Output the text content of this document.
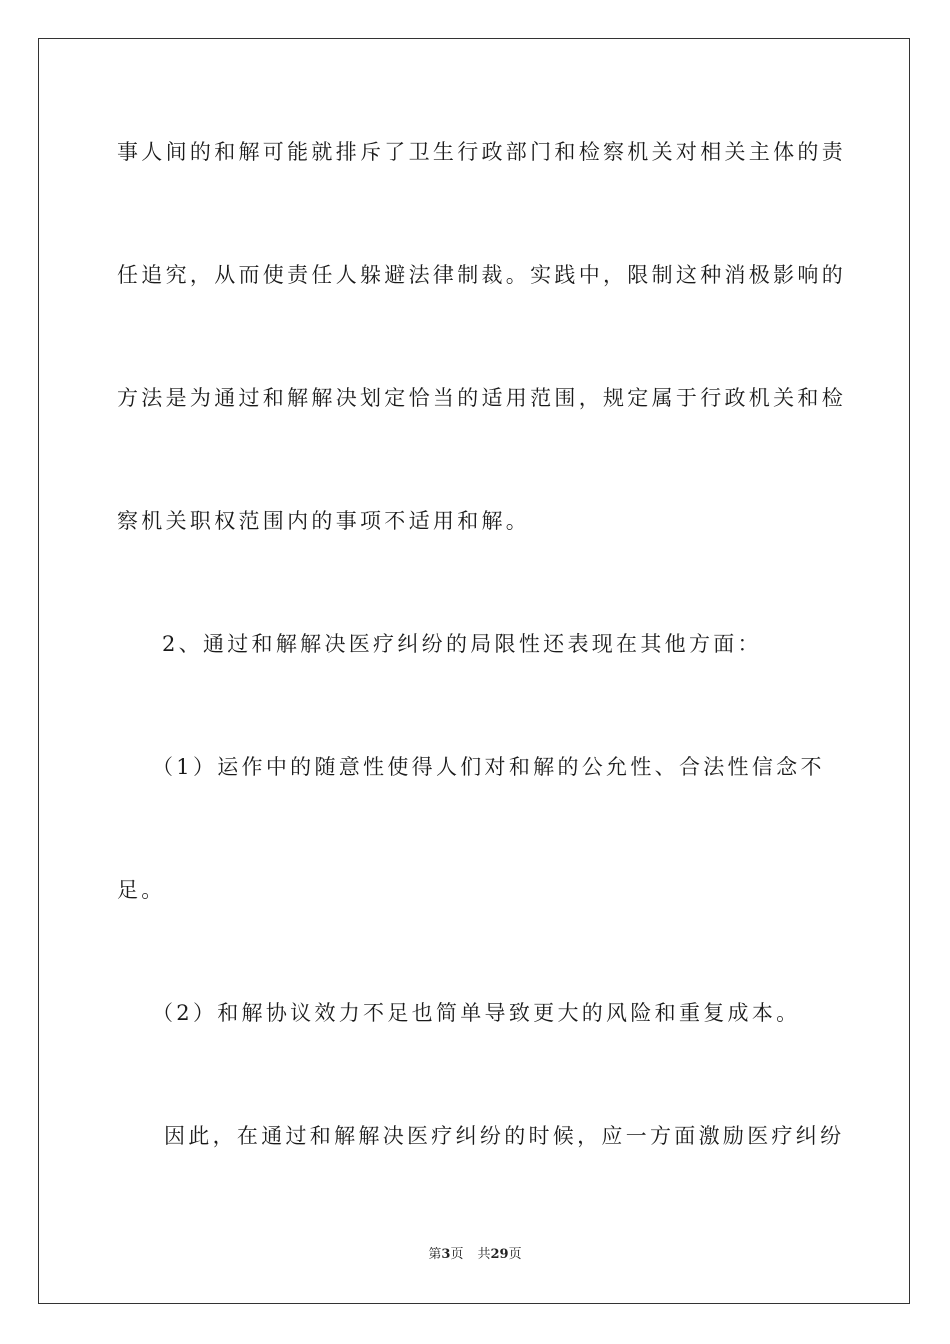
事人间的和解可能就排斥了卫生行政部门和检察机关对相关主体的责
任追究，从而使责任人躲避法律制裁。实践中，限制这种消极影响的
方法是为通过和解解决划定恰当的适用范围，规定属于行政机关和检
察机关职权范围内的事项不适用和解。
2、通过和解解决医疗纠纷的局限性还表现在其他方面：
（1）运作中的随意性使得人们对和解的公允性、合法性信念不
足。
（2）和解协议效力不足也简单导致更大的风险和重复成本。
因此，在通过和解解决医疗纠纷的时候，应一方面激励医疗纠纷
第3页 共29页
